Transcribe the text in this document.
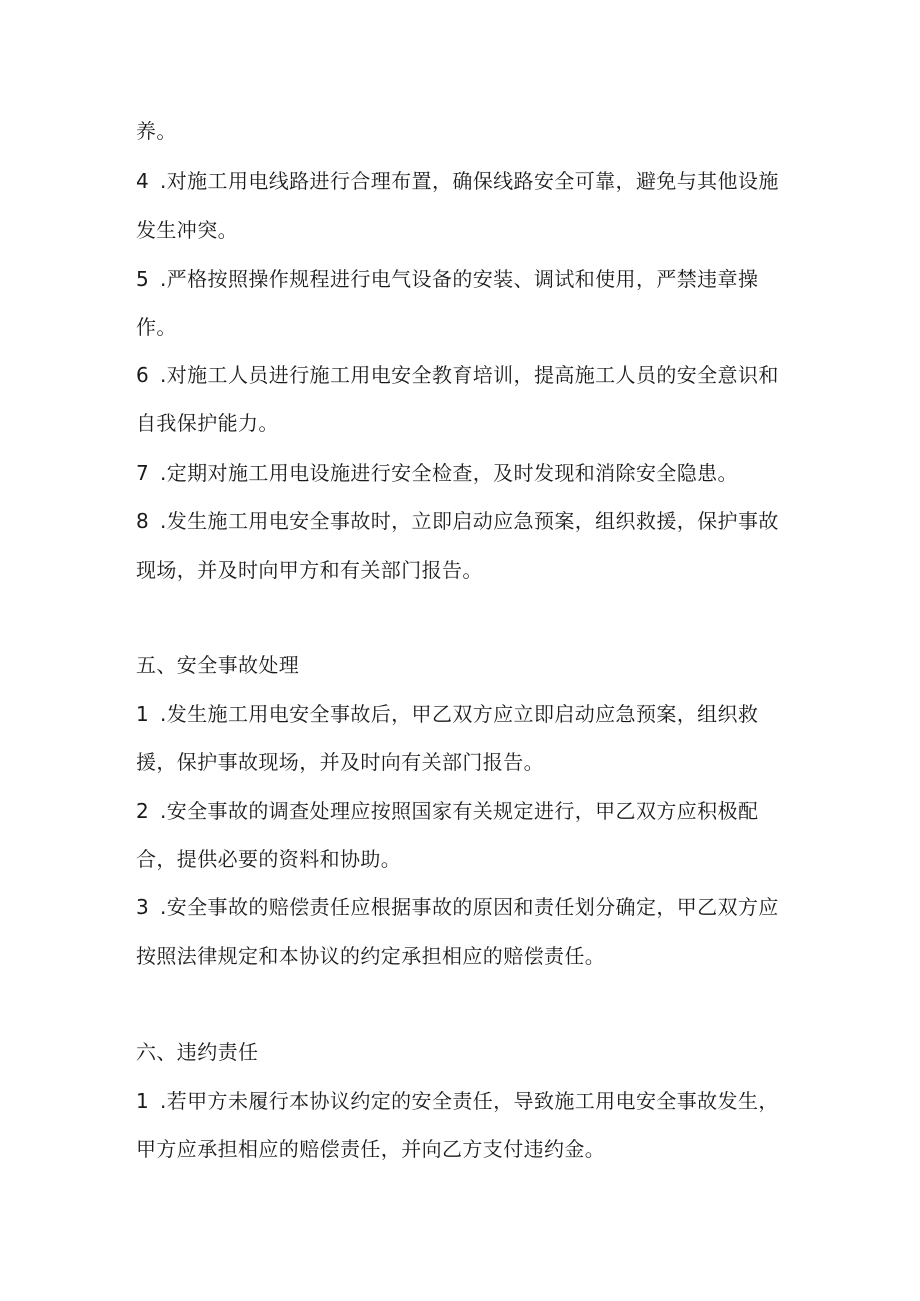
养。
4 .对施工用电线路进行合理布置，确保线路安全可靠，避免与其他设施
发生冲突。
5 .严格按照操作规程进行电气设备的安装、调试和使用，严禁违章操
作。
6 .对施工人员进行施工用电安全教育培训，提高施工人员的安全意识和
自我保护能力。
7 .定期对施工用电设施进行安全检查，及时发现和消除安全隐患。
8 .发生施工用电安全事故时，立即启动应急预案，组织救援，保护事故
现场，并及时向甲方和有关部门报告。
五、安全事故处理
1 .发生施工用电安全事故后，甲乙双方应立即启动应急预案，组织救
援，保护事故现场，并及时向有关部门报告。
2 .安全事故的调查处理应按照国家有关规定进行，甲乙双方应积极配
合，提供必要的资料和协助。
3 .安全事故的赔偿责任应根据事故的原因和责任划分确定，甲乙双方应
按照法律规定和本协议的约定承担相应的赔偿责任。
六、违约责任
1 .若甲方未履行本协议约定的安全责任，导致施工用电安全事故发生，
甲方应承担相应的赔偿责任，并向乙方支付违约金。
